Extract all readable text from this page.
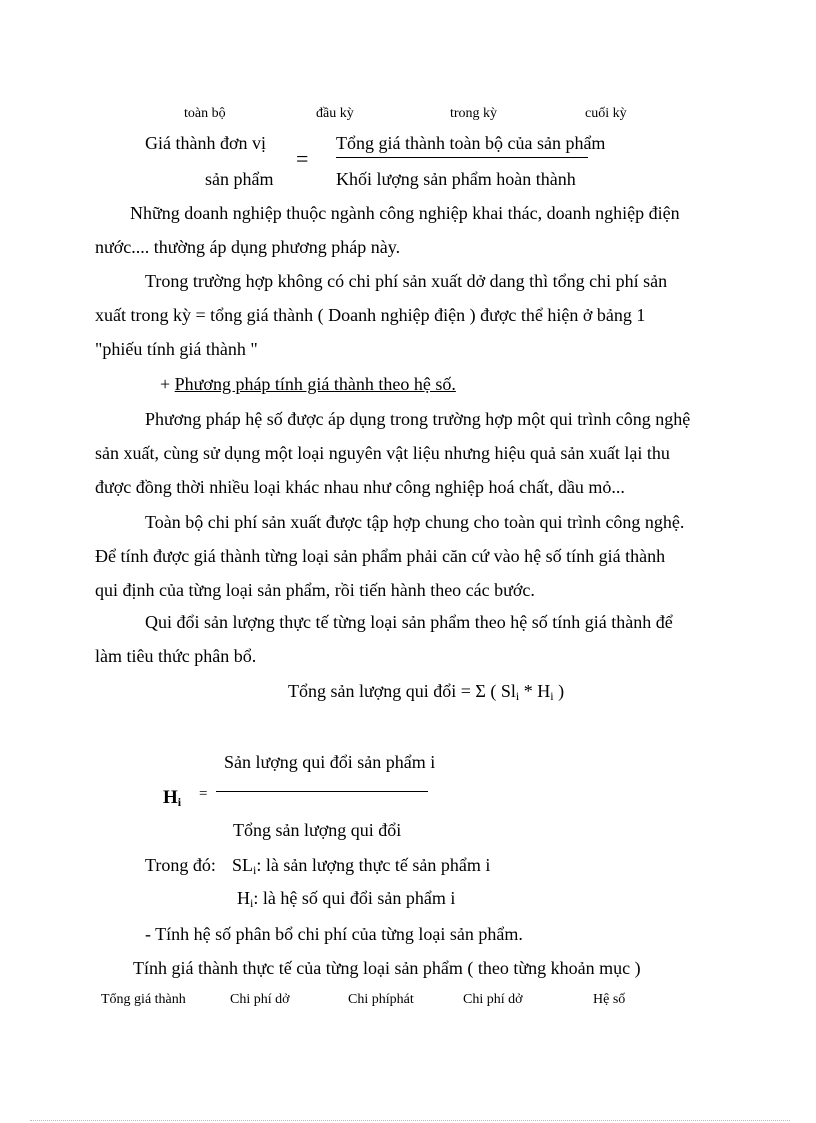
toàn bộ	đầu kỳ	trong kỳ	cuối kỳ
Giá thành đơn vị
sản phẩm
=
Tổng giá thành toàn bộ của sản phẩm
Khối lượng sản phẩm hoàn thành
Những doanh nghiệp thuộc ngành công nghiệp khai thác, doanh nghiệp điện
nước.... thường áp dụng phương pháp này.
Trong trường hợp không có chi phí sản xuất dở dang thì tổng chi phí sản
xuất trong kỳ = tổng giá thành ( Doanh nghiệp điện ) được thể hiện ở bảng 1
"phiếu tính giá thành "
+ Phương pháp tính giá thành theo hệ số.
Phương pháp hệ số được áp dụng trong trường hợp một qui trình công nghệ
sản xuất, cùng sử dụng một loại nguyên vật liệu nhưng hiệu quả sản xuất lại thu
được đồng thời nhiều loại khác nhau như công nghiệp hoá chất, dầu mỏ...
Toàn bộ chi phí sản xuất được tập hợp chung cho toàn qui trình công nghệ.
Để tính được giá thành từng loại sản phẩm phải căn cứ vào hệ số tính giá thành
qui định của từng loại sản phẩm, rồi tiến hành theo các bước.
Qui đổi sản lượng thực tế từng loại sản phẩm theo hệ số tính giá thành để
làm tiêu thức phân bổ.
Tổng sản lượng qui đổi = Σ ( $Sl_i * H_i$ )
Sản lượng qui đổi sản phẩm i
$H_i$ =
Tổng sản lượng qui đổi
Trong đó: $SL_i$: là sản lượng thực tế sản phẩm i
$H_i$: là hệ số qui đổi sản phẩm i
- Tính hệ số phân bổ chi phí của từng loại sản phẩm.
Tính giá thành thực tế của từng loại sản phẩm ( theo từng khoản mục )
Tổng giá thành	Chi phí dở	Chi phíphát	Chi phí dở	Hệ số
